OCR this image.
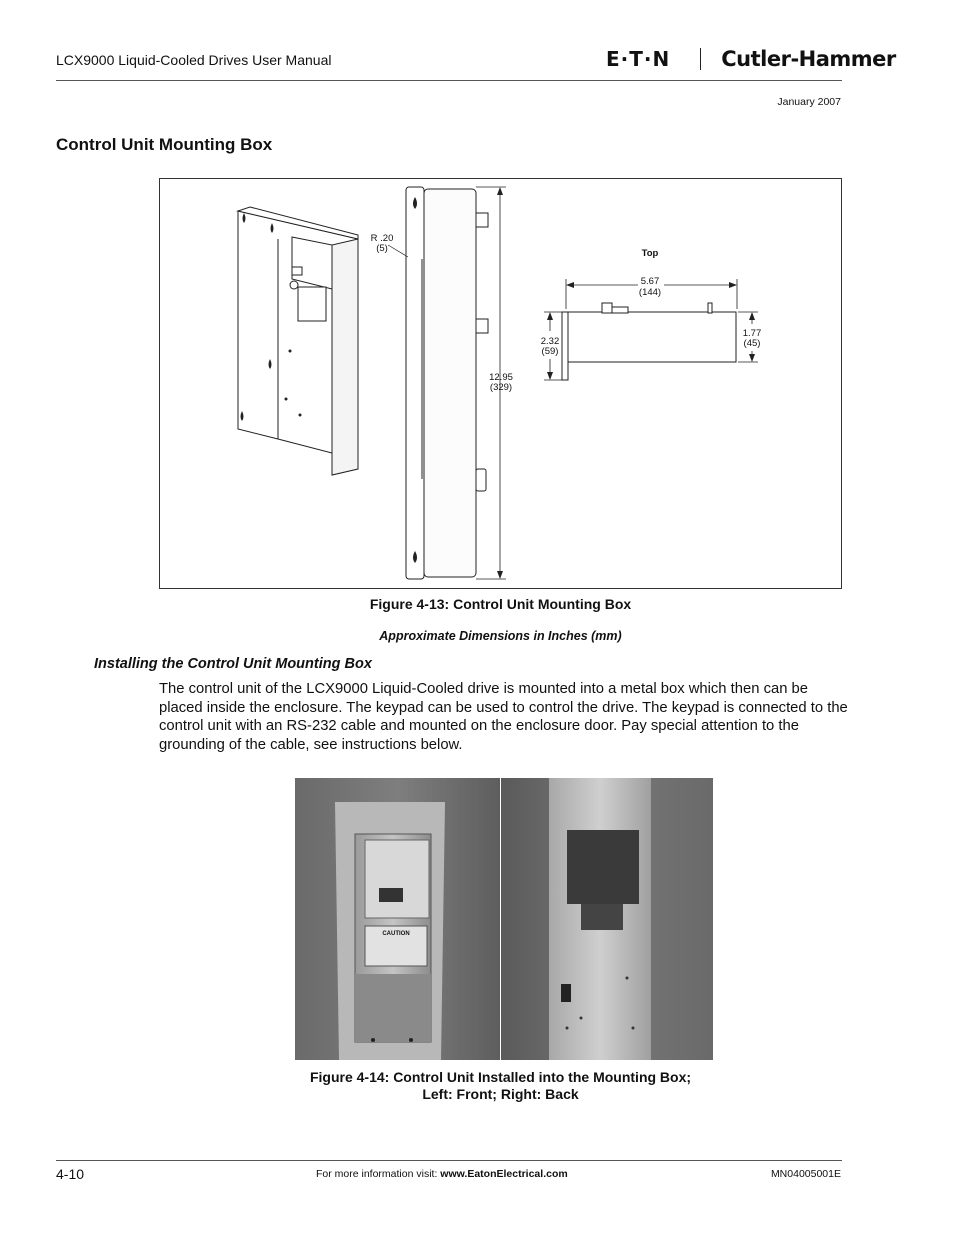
LCX9000 Liquid-Cooled Drives User Manual	E·T·N Cutler-Hammer
January 2007
Control Unit Mounting Box
12.95
(329)
R .20
(5)	Top
5.67
(144)
2.32
(59)
1.77
(45)
Figure 4-13: Control Unit Mounting Box
Approximate Dimensions in Inches (mm)
Installing the Control Unit Mounting Box
The control unit of the LCX9000 Liquid-Cooled drive is mounted into a metal box which then can be placed inside the enclosure. The keypad can be used to control the drive. The keypad is connected to the control unit with an RS-232 cable and mounted on the enclosure door. Pay special attention to the grounding of the cable, see instructions below.
CAUTION
Figure 4-14: Control Unit Installed into the Mounting Box;
Left: Front; Right: Back
4-10	For more information visit: www.EatonElectrical.com	MN04005001E
